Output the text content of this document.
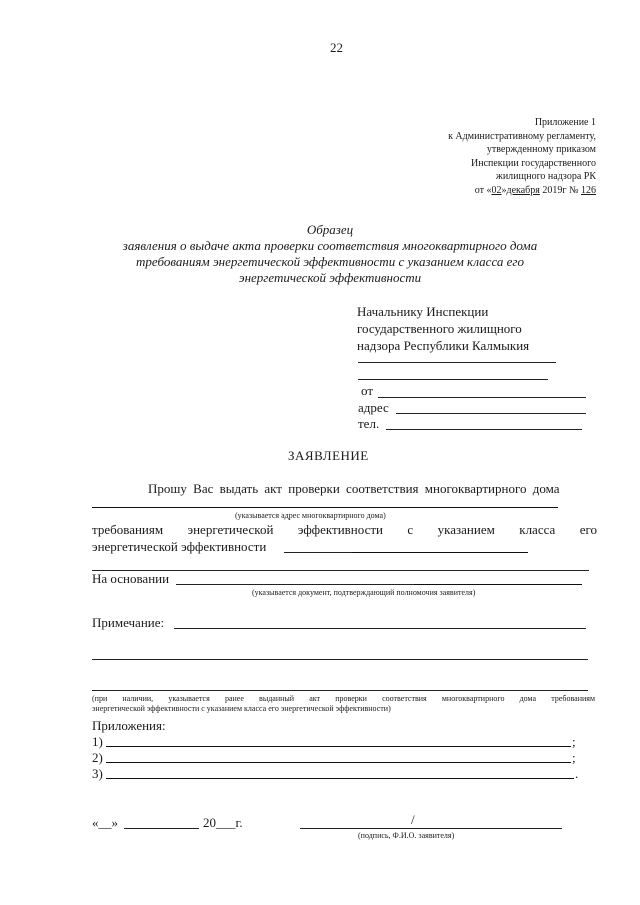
22
Приложение 1
к Административному регламенту,
утвержденному приказом
Инспекции государственного
жилищного надзора РК
от «02»декабря 2019г № 126
Образец
заявления о выдаче акта проверки соответствия многоквартирного дома
требованиям энергетической эффективности с указанием класса его
энергетической эффективности
Начальнику Инспекции
государственного жилищного
надзора Республики Калмыкия
от
адрес
тел.
ЗАЯВЛЕНИЕ
Прошу Вас выдать акт проверки соответствия многоквартирного дома
(указывается адрес многоквартирного дома)
требованиям энергетической эффективности с указанием класса его
энергетической эффективности
На основании
(указывается документ, подтверждающий полномочия заявителя)
Примечание:
(при наличии, указывается ранее выданный акт проверки соответствия многоквартирного дома требованиям
энергетической эффективности с указанием класса его энергетической эффективности)
Приложения:
1)	;
2)	;
3)	.
«__»	20___г.	/
(подпись, Ф.И.О. заявителя)
